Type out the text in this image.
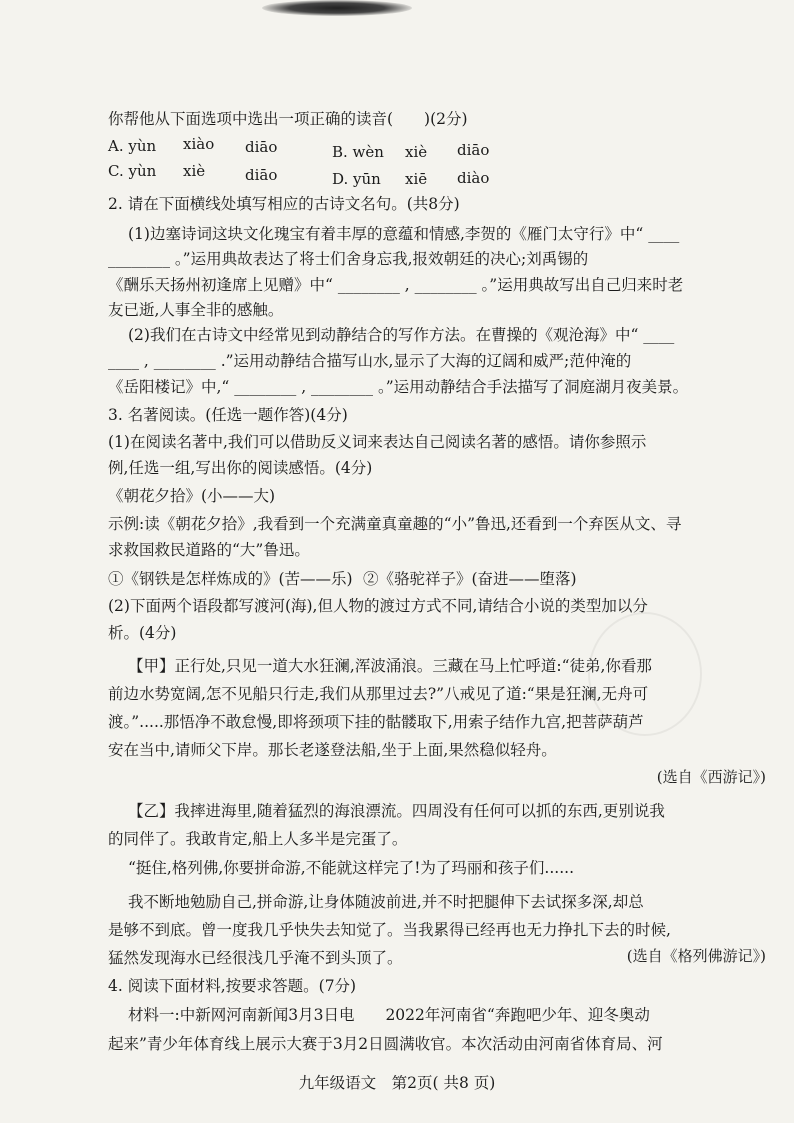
你帮他从下面选项中选出一项正确的读音(　　)(2分)
A. yùn xiào diāo	B. wèn xiè diāo
C. yùn xiè	diāo	D. yūn xiē diào
2. 请在下面横线处填写相应的古诗文名句。(共8分)
(1)边塞诗词这块文化瑰宝有着丰厚的意蕴和情感,李贺的《雁门太守行》中“ ____
________ 。”运用典故表达了将士们舍身忘我,报效朝廷的决心;刘禹锡的
《酬乐天扬州初逢席上见赠》中“ ________ , ________ 。”运用典故写出自己归来时老
友已逝,人事全非的感触。
(2)我们在古诗文中经常见到动静结合的写作方法。在曹操的《观沧海》中“ ____
____ , ________ .”运用动静结合描写山水,显示了大海的辽阔和威严;范仲淹的
《岳阳楼记》中,“ ________ , ________ 。”运用动静结合手法描写了洞庭湖月夜美景。
3. 名著阅读。(任选一题作答)(4分)
(1)在阅读名著中,我们可以借助反义词来表达自己阅读名著的感悟。请你参照示
例,任选一组,写出你的阅读感悟。(4分)
《朝花夕拾》(小——大)
示例:读《朝花夕拾》,我看到一个充满童真童趣的“小”鲁迅,还看到一个弃医从文、寻
求救国救民道路的“大”鲁迅。
①《钢铁是怎样炼成的》(苦——乐) ②《骆驼祥子》(奋进——堕落)
(2)下面两个语段都写渡河(海),但人物的渡过方式不同,请结合小说的类型加以分
析。(4分)
【甲】正行处,只见一道大水狂澜,浑波涌浪。三藏在马上忙呼道:“徒弟,你看那
前边水势宽阔,怎不见船只行走,我们从那里过去?”八戒见了道:“果是狂澜,无舟可
渡。”.....那悟净不敢怠慢,即将颈项下挂的骷髅取下,用索子结作九宫,把菩萨葫芦
安在当中,请师父下岸。那长老遂登法船,坐于上面,果然稳似轻舟。
(选自《西游记》)
【乙】我摔进海里,随着猛烈的海浪漂流。四周没有任何可以抓的东西,更别说我
的同伴了。我敢肯定,船上人多半是完蛋了。
“挺住,格列佛,你要拼命游,不能就这样完了!为了玛丽和孩子们......
我不断地勉励自己,拼命游,让身体随波前进,并不时把腿伸下去试探多深,却总
是够不到底。曾一度我几乎快失去知觉了。当我累得已经再也无力挣扎下去的时候,
猛然发现海水已经很浅几乎淹不到头顶了。	(选自《格列佛游记》)
4. 阅读下面材料,按要求答题。(7分)
材料一:中新网河南新闻3月3日电　　2022年河南省“奔跑吧少年、迎冬奥动
起来”青少年体育线上展示大赛于3月2日圆满收官。本次活动由河南省体育局、河
九年级语文　第2页( 共8 页)
